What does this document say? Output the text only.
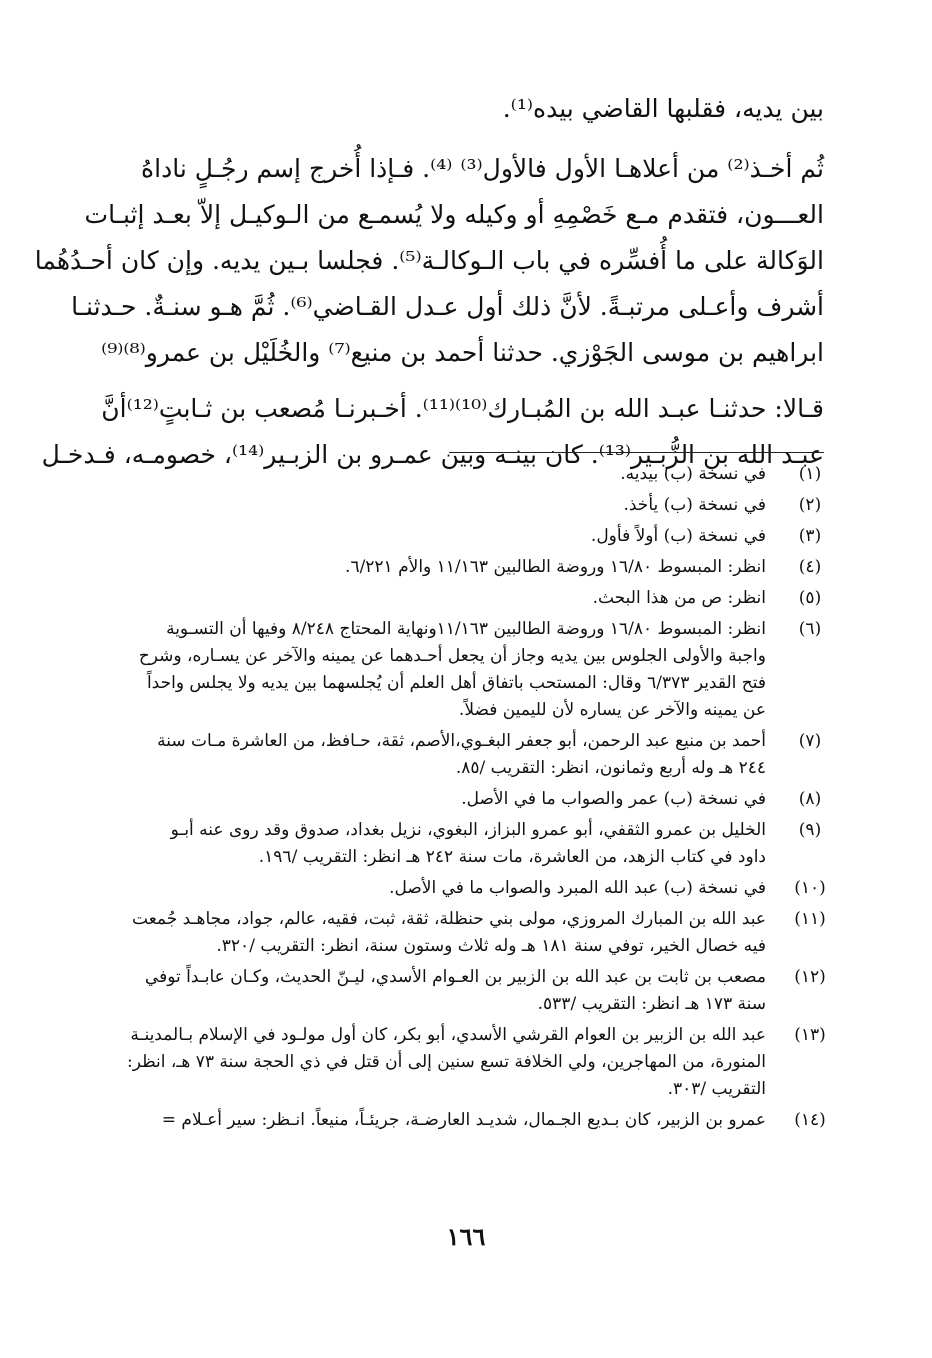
بين يديه، فقلبها القاضي بيده⁽¹⁾.
ثُم أخـذ⁽²⁾ من أعلاهـا الأول فالأول⁽³⁾ ⁽⁴⁾. فـإذا أُخرج إسم رجُـلٍ ناداهُ
العـــون، فتقدم مـع خَصْمِهِ أو وكيله ولا يُسمـع من الـوكيـل إلاّ بعـد إثبـات
الوَكالة على ما أُفسِّره في باب الـوكالـة⁽⁵⁾. فجلسا بـين يديه. وإن كان أحـدُهُما
أشرف وأعـلى مرتبـةً. لأنَّ ذلك أول عـدل القـاضي⁽⁶⁾. ثُمَّ هـو سنـةٌ. حـدثنـا
ابراهيم بن موسى الجَوْزي. حدثنا أحمد بن منيع⁽⁷⁾ والخُلَيْل بن عمرو⁽⁸⁾⁽⁹⁾
قـالا: حدثنـا عبـد الله بن المُبـارك⁽¹⁰⁾⁽¹¹⁾. أخـبرنـا مُصعب بن ثـابتٍ⁽¹²⁾أنَّ
عبـد الله بن الزُّبـير⁽¹³⁾. كان بينـه وبين عمـرو بن الزبـير⁽¹⁴⁾، خصومـه، فـدخـل
(١)
في نسخة (ب) بيديه.
(٢)
في نسخة (ب) يأخذ.
(٣)
في نسخة (ب) أولاً فأول.
(٤)
انظر: المبسوط ١٦/٨٠ وروضة الطالبين ١١/١٦٣ والأم ٦/٢٢١.
(٥)
انظر: ص من هذا البحث.
(٦)
انظر: المبسوط ١٦/٨٠ وروضة الطالبين ١١/١٦٣ونهاية المحتاج ٨/٢٤٨ وفيها أن التسـوية
واجبة والأولى الجلوس بين يديه وجاز أن يجعل أحـدهما عن يمينه والآخر عن يسـاره، وشرح
فتح القدير ٦/٣٧٣ وقال: المستحب باتفاق أهل العلم أن يُجلسهما بين يديه ولا يجلس واحداً
عن يمينه والآخر عن يساره لأن لليمين فضلاً.
(٧)
أحمد بن منيع عبد الرحمن، أبو جعفر البغـوي،الأصم، ثقة، حـافظ، من العاشرة مـات سنة
٢٤٤ هـ وله أربع وثمانون، انظر: التقريب /٨٥.
(٨)
في نسخة (ب) عمر والصواب ما في الأصل.
(٩)
الخليل بن عمرو الثقفي، أبو عمرو البزاز، البغوي، نزيل بغداد، صدوق وقد روى عنه أبـو
داود في كتاب الزهد، من العاشرة، مات سنة ٢٤٢ هـ انظر: التقريب /١٩٦.
(١٠)
في نسخة (ب) عبد الله المبرد والصواب ما في الأصل.
(١١)
عبد الله بن المبارك المروزي، مولى بني حنظلة، ثقة، ثبت، فقيه، عالم، جواد، مجاهـد جُمعت
فيه خصال الخير، توفي سنة ١٨١ هـ وله ثلاث وستون سنة، انظر: التقريب /٣٢٠.
(١٢)
مصعب بن ثابت بن عبد الله بن الزبير بن العـوام الأسدي، ليـنّ الحديث، وكـان عابـداً توفي
سنة ١٧٣ هـ انظر: التقريب /٥٣٣.
(١٣)
عبد الله بن الزبير بن العوام القرشي الأسدي، أبو بكر، كان أول مولـود في الإسلام بـالمدينـة
المنورة، من المهاجرين، ولي الخلافة تسع سنين إلى أن قتل في ذي الحجة سنة ٧٣ هـ، انظر:
التقريب /٣٠٣.
(١٤)
عمرو بن الزبير، كان بـديع الجـمال، شديـد العارضـة، جريئـاً، منيعاً. انـظر: سير أعـلام =
١٦٦
